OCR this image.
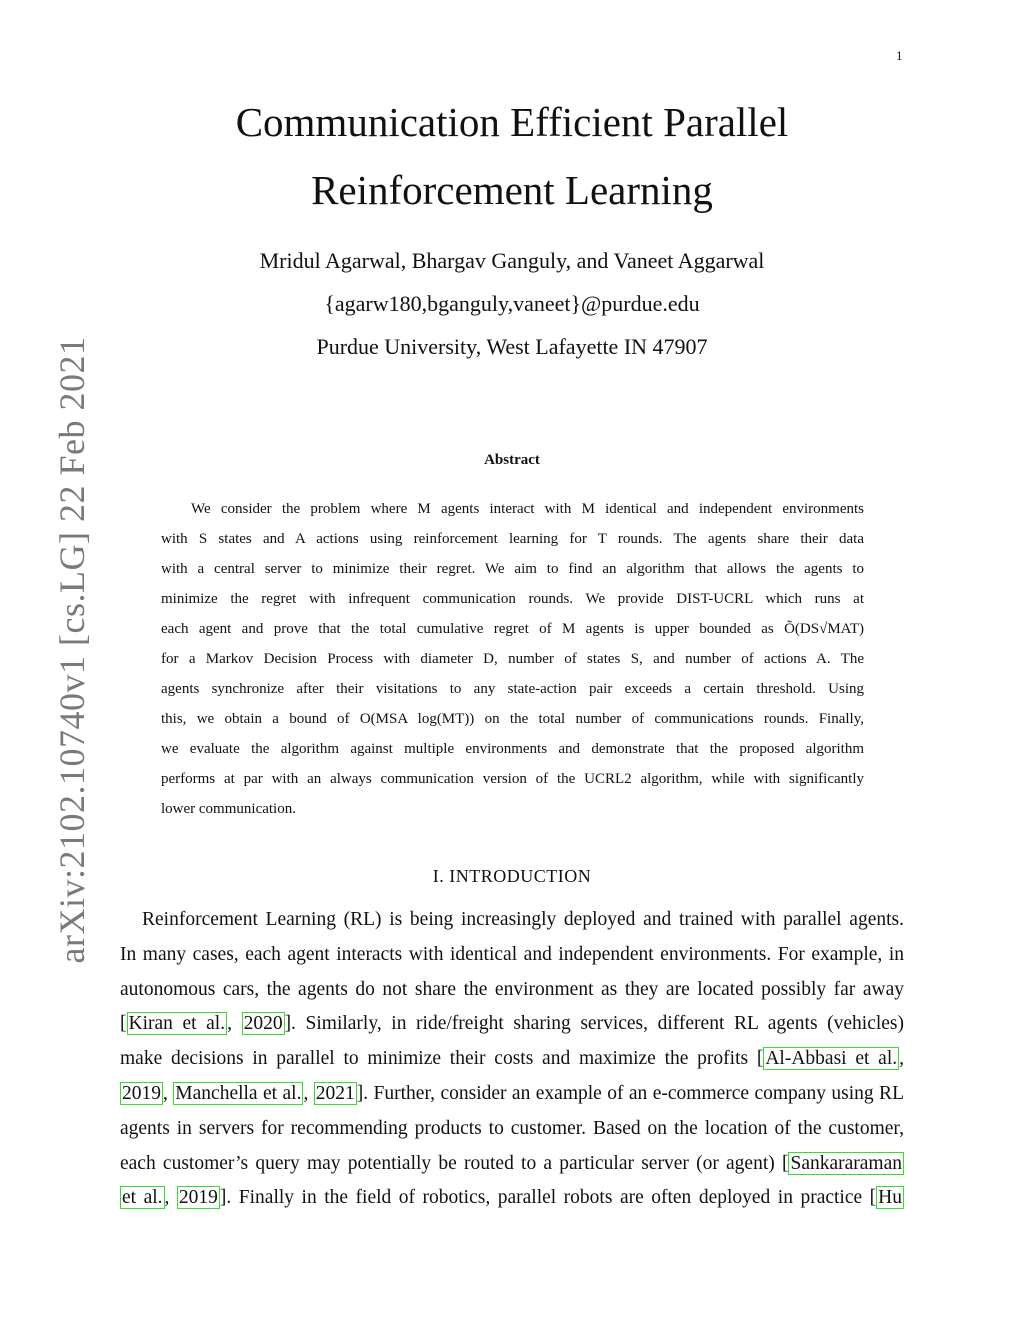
1
arXiv:2102.10740v1 [cs.LG] 22 Feb 2021
Communication Efficient Parallel
Reinforcement Learning
Mridul Agarwal, Bhargav Ganguly, and Vaneet Aggarwal
{agarw180,bganguly,vaneet}@purdue.edu
Purdue University, West Lafayette IN 47907
Abstract
We consider the problem where M agents interact with M identical and independent environments
with S states and A actions using reinforcement learning for T rounds. The agents share their data
with a central server to minimize their regret. We aim to find an algorithm that allows the agents to
minimize the regret with infrequent communication rounds. We provide DIST-UCRL which runs at
each agent and prove that the total cumulative regret of M agents is upper bounded as Õ(DS√MAT)
for a Markov Decision Process with diameter D, number of states S, and number of actions A. The
agents synchronize after their visitations to any state-action pair exceeds a certain threshold. Using
this, we obtain a bound of O(MSA log(MT)) on the total number of communications rounds. Finally,
we evaluate the algorithm against multiple environments and demonstrate that the proposed algorithm
performs at par with an always communication version of the UCRL2 algorithm, while with significantly
lower communication.
I. INTRODUCTION
Reinforcement Learning (RL) is being increasingly deployed and trained with parallel agents.
In many cases, each agent interacts with identical and independent environments. For example, in
autonomous cars, the agents do not share the environment as they are located possibly far away
[ Kiran et al. , 2020 ]. Similarly, in ride/freight sharing services, different RL agents (vehicles)
make decisions in parallel to minimize their costs and maximize the profits [ Al-Abbasi et al. ,
2019 , Manchella et al. , 2021 ]. Further, consider an example of an e-commerce company using RL
agents in servers for recommending products to customer. Based on the location of the customer,
each customer’s query may potentially be routed to a particular server (or agent) [ Sankararaman
et al. , 2019 ]. Finally in the field of robotics, parallel robots are often deployed in practice [ Hu
